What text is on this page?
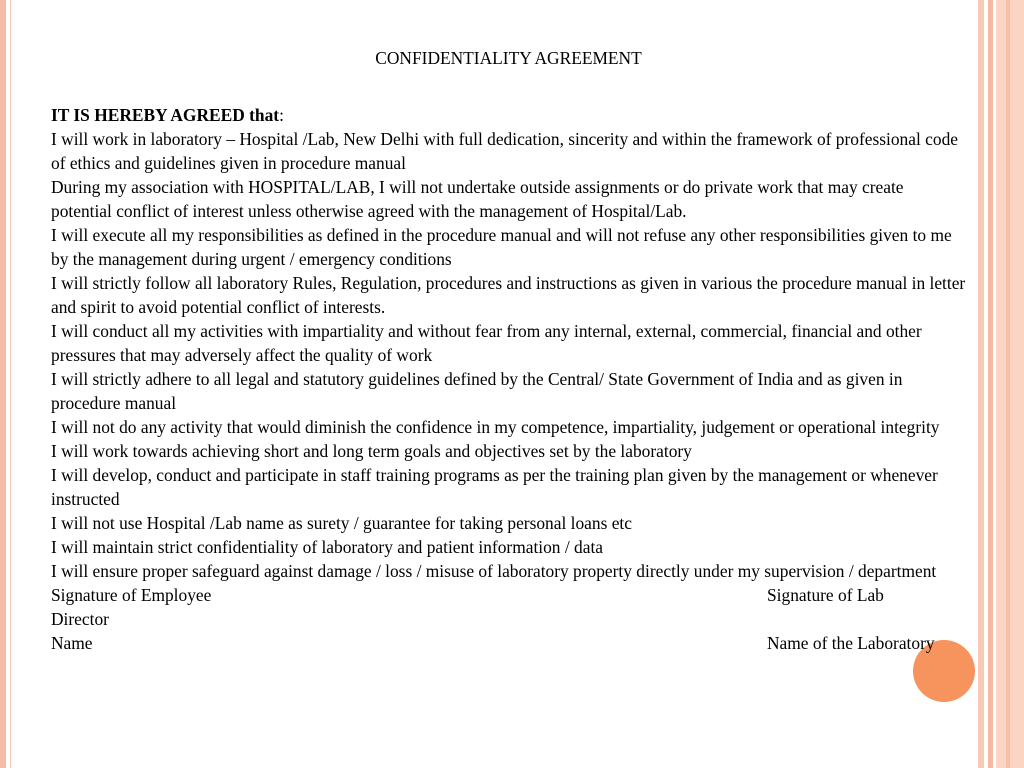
CONFIDENTIALITY AGREEMENT

IT IS HEREBY AGREED that:

I will work in laboratory – Hospital /Lab, New Delhi with full dedication, sincerity and within the framework of professional code of ethics and guidelines given in procedure manual

During my association with HOSPITAL/LAB, I will not undertake outside assignments or do private work that may create potential conflict of interest unless otherwise agreed with the management of Hospital/Lab.

I will execute all my responsibilities as defined in the procedure manual and will not refuse any other responsibilities given to me by the management during urgent / emergency conditions

I will strictly follow all laboratory Rules, Regulation, procedures and instructions as given in various the procedure manual in letter and spirit to avoid potential conflict of interests.

I will conduct all my activities with impartiality and without fear from any internal, external, commercial, financial and other pressures that may adversely affect the quality of work

I will strictly adhere to all legal and statutory guidelines defined by the Central/ State Government of India and as given in procedure manual

I will not do any activity that would diminish the confidence in my competence, impartiality, judgement or operational integrity

I will work towards achieving short and long term goals and objectives set by the laboratory

I will develop, conduct and participate in staff training programs as per the training plan given by the management or whenever instructed

I will not use Hospital /Lab name as surety / guarantee for taking personal loans etc

I will maintain strict confidentiality of laboratory and patient information / data

I will ensure proper safeguard against damage / loss / misuse of laboratory property directly under my supervision / department

Signature of Employee	Signature of Lab
Director
Name	Name of the Laboratory
